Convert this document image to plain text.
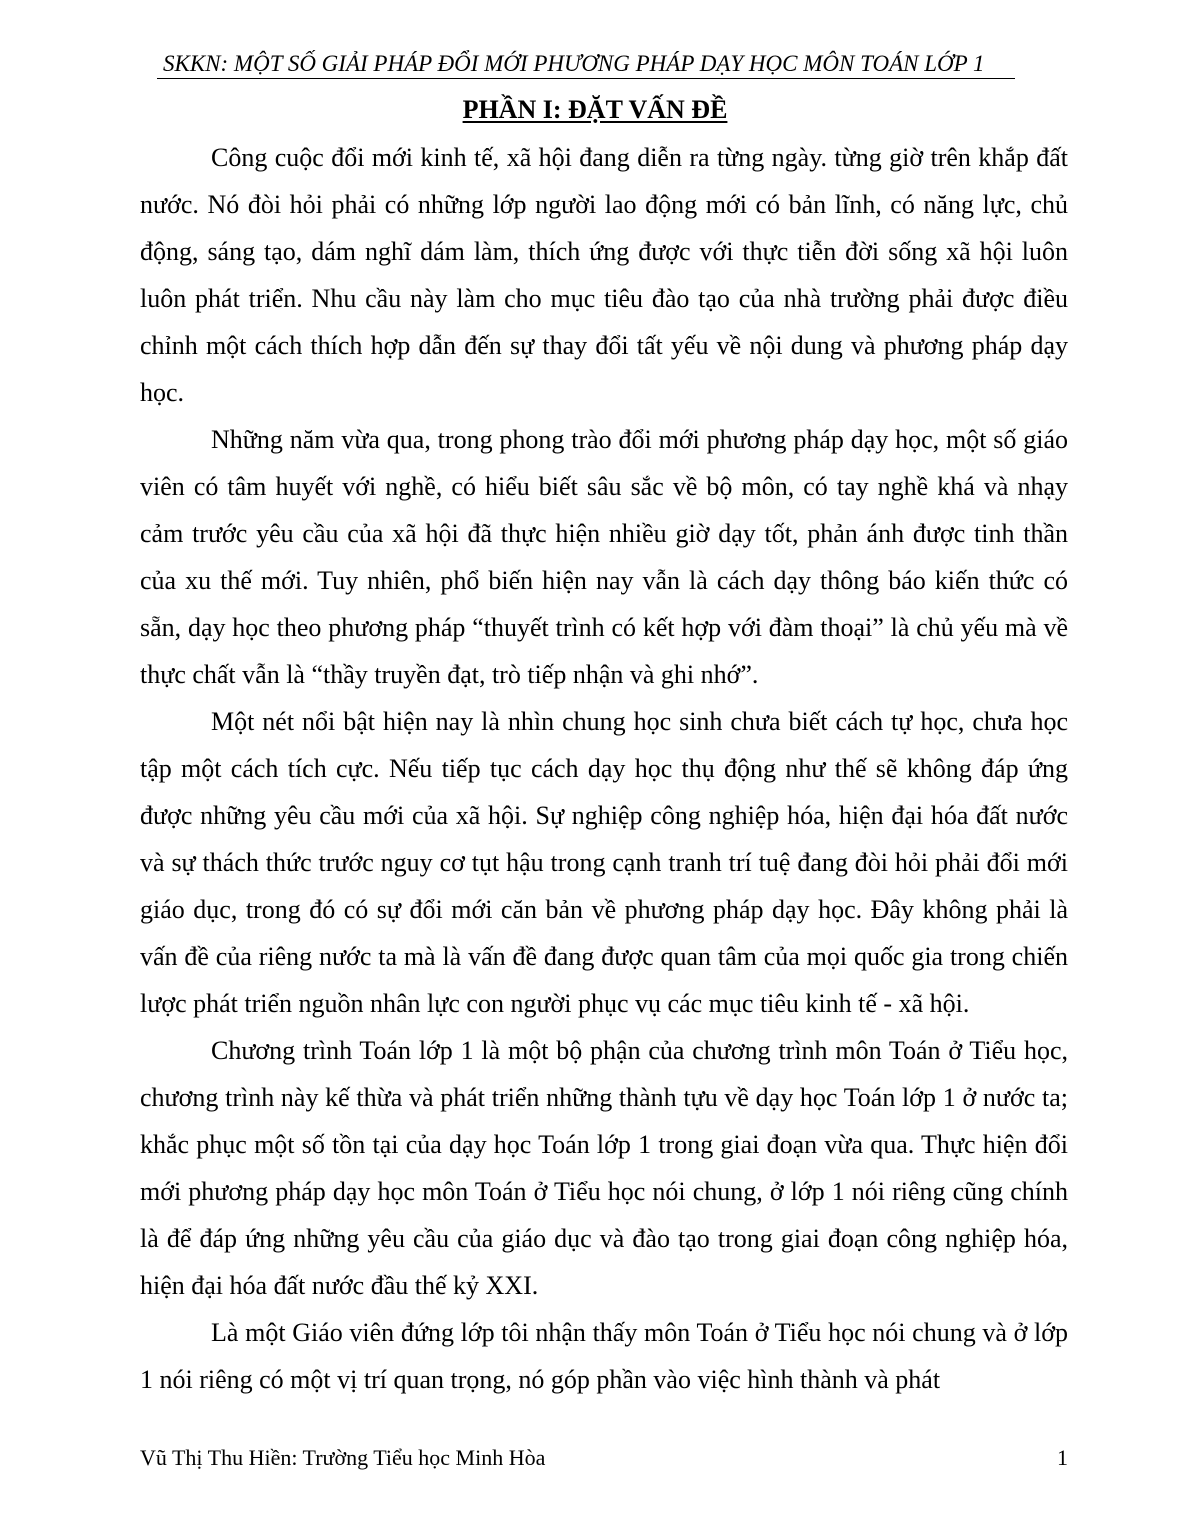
SKKN: MỘT SỐ GIẢI PHÁP ĐỔI MỚI PHƯƠNG PHÁP DẠY HỌC MÔN TOÁN LỚP 1
PHẦN I: ĐẶT VẤN ĐỀ

Công cuộc đổi mới kinh tế, xã hội đang diễn ra từng ngày. từng giờ trên khắp đất nước. Nó đòi hỏi phải có những lớp người lao động mới có bản lĩnh, có năng lực, chủ động, sáng tạo, dám nghĩ dám làm, thích ứng được với thực tiễn đời sống xã hội luôn luôn phát triển. Nhu cầu này làm cho mục tiêu đào tạo của nhà trường phải được điều chỉnh một cách thích hợp dẫn đến sự thay đổi tất yếu về nội dung và phương pháp dạy học.

Những năm vừa qua, trong phong trào đổi mới phương pháp dạy học, một số giáo viên có tâm huyết với nghề, có hiểu biết sâu sắc về bộ môn, có tay nghề khá và nhạy cảm trước yêu cầu của xã hội đã thực hiện nhiều giờ dạy tốt, phản ánh được tinh thần của xu thế mới. Tuy nhiên, phổ biến hiện nay vẫn là cách dạy thông báo kiến thức có sẵn, dạy học theo phương pháp “thuyết trình có kết hợp với đàm thoại” là chủ yếu mà về thực chất vẫn là “thầy truyền đạt, trò tiếp nhận và ghi nhớ”.

Một nét nổi bật hiện nay là nhìn chung học sinh chưa biết cách tự học, chưa học tập một cách tích cực. Nếu tiếp tục cách dạy học thụ động như thế sẽ không đáp ứng được những yêu cầu mới của xã hội. Sự nghiệp công nghiệp hóa, hiện đại hóa đất nước và sự thách thức trước nguy cơ tụt hậu trong cạnh tranh trí tuệ đang đòi hỏi phải đổi mới giáo dục, trong đó có sự đổi mới căn bản về phương pháp dạy học. Đây không phải là vấn đề của riêng nước ta mà là vấn đề đang được quan tâm của mọi quốc gia trong chiến lược phát triển nguồn nhân lực con người phục vụ các mục tiêu kinh tế - xã hội.

Chương trình Toán lớp 1 là một bộ phận của chương trình môn Toán ở Tiểu học, chương trình này kế thừa và phát triển những thành tựu về dạy học Toán lớp 1 ở nước ta; khắc phục một số tồn tại của dạy học Toán lớp 1 trong giai đoạn vừa qua. Thực hiện đổi mới phương pháp dạy học môn Toán ở Tiểu học nói chung, ở lớp 1 nói riêng cũng chính là để đáp ứng những yêu cầu của giáo dục và đào tạo trong giai đoạn công nghiệp hóa, hiện đại hóa đất nước đầu thế kỷ XXI.

Là một Giáo viên đứng lớp tôi nhận thấy môn Toán ở Tiểu học nói chung và ở lớp 1 nói riêng có một vị trí quan trọng, nó góp phần vào việc hình thành và phát

Vũ Thị Thu Hiền: Trường Tiểu học Minh Hòa	1
